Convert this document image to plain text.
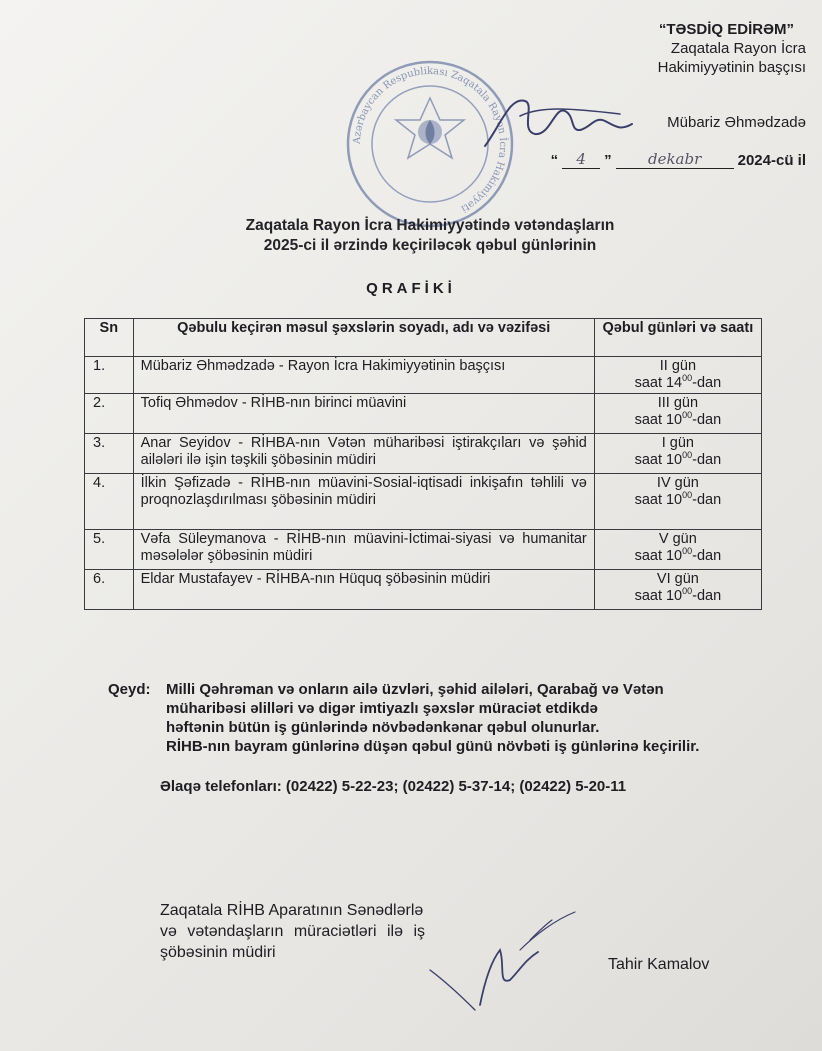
“TƏSDİQ EDİRƏM”
Zaqatala Rayon İcra
Hakimiyyətinin başçısı
Azərbaycan Respublikası Zaqatala Rayon İcra Hakimiyyəti
Mübariz Əhmədzadə
“	4	”	dekabr	2024-cü il
Zaqatala Rayon İcra Hakimiyyətində vətəndaşların
2025-ci il ərzində keçiriləcək qəbul günlərinin
QRAFİKİ
Sn	Qəbulu keçirən məsul şəxslərin soyadı, adı və vəzifəsi	Qəbul günləri və saatı
1.	Mübariz Əhmədzadə - Rayon İcra Hakimiyyətinin başçısı	II gün
saat $14^{00}$-dan

2.	Tofiq Əhmədov - RİHB-nın birinci müavini	III gün
saat $10^{00}$-dan

3.	Anar Seyidov - RİHBA-nın Vətən müharibəsi iştirakçıları və şəhid ailələri ilə işin təşkili şöbəsinin müdiri	I gün
saat $10^{00}$-dan

4.	İlkin Şəfizadə - RİHB-nın müavini-Sosial-iqtisadi inkişafın təhlili və proqnozlaşdırılması şöbəsinin müdiri	IV gün
saat $10^{00}$-dan

5.	Vəfa Süleymanova - RİHB-nın müavini-İctimai-siyasi və humanitar məsələlər şöbəsinin müdiri	V gün
saat $10^{00}$-dan

6.	Eldar Mustafayev - RİHBA-nın Hüquq şöbəsinin müdiri	VI gün
saat $10^{00}$-dan
Qeyd: Milli Qəhrəman və onların ailə üzvləri, şəhid ailələri, Qarabağ və Vətən
müharibəsi əlilləri və digər imtiyazlı şəxslər müraciət etdikdə
həftənin bütün iş günlərində növbədənkənar qəbul olunurlar.
RİHB-nın bayram günlərinə düşən qəbul günü növbəti iş günlərinə keçirilir.
Əlaqə telefonları: (02422) 5-22-23; (02422) 5-37-14; (02422) 5-20-11
Zaqatala RİHB Aparatının Sənədlərlə
və vətəndaşların müraciətləri ilə iş
şöbəsinin müdiri
Tahir Kamalov
